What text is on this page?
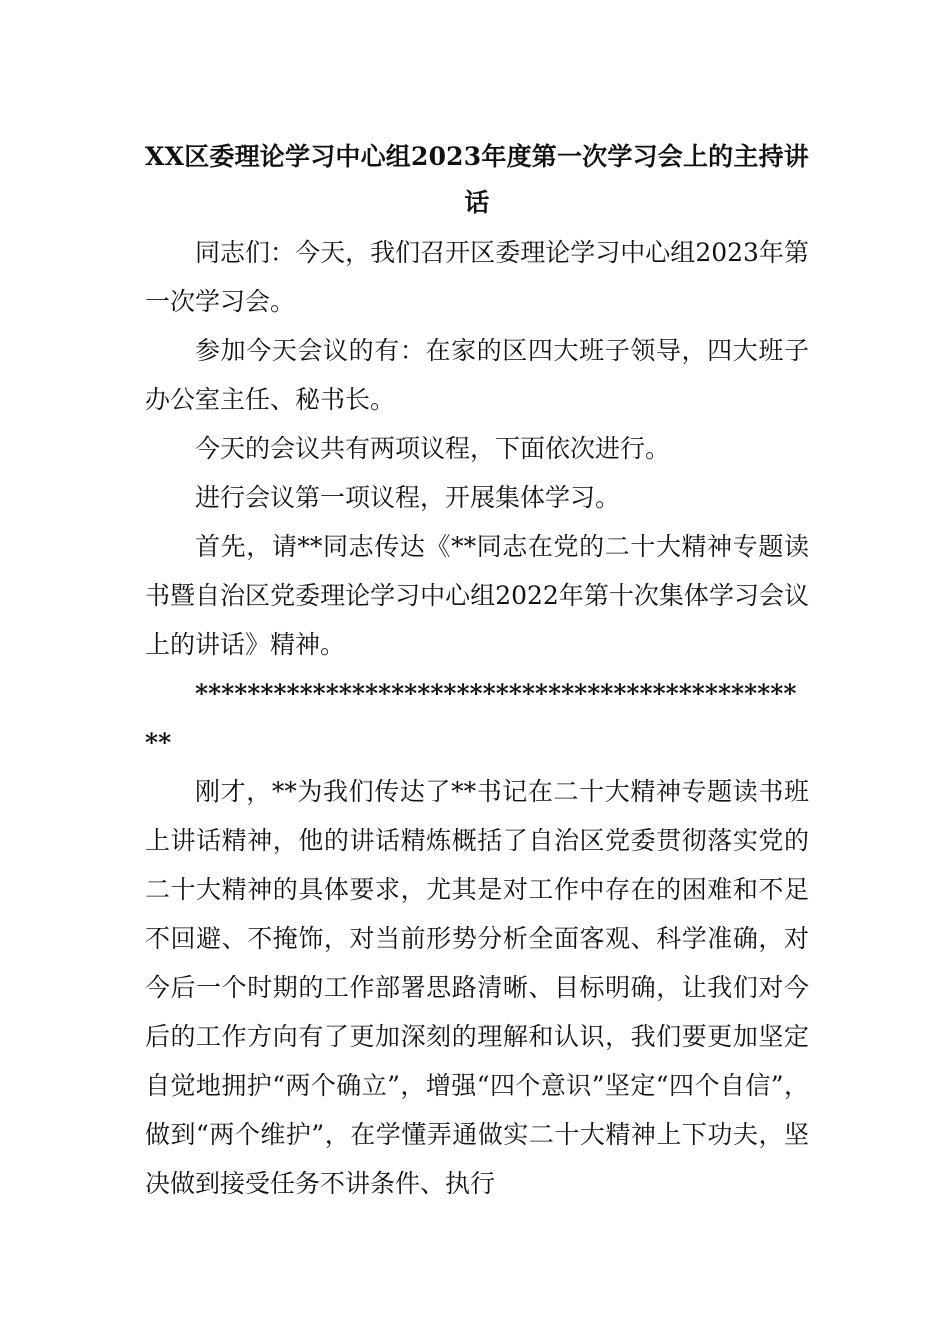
XX区委理论学习中心组2023年度第一次学习会上的主持讲话

同志们：今天，我们召开区委理论学习中心组2023年第一次学习会。

参加今天会议的有：在家的区四大班子领导，四大班子办公室主任、秘书长。

今天的会议共有两项议程，下面依次进行。

进行会议第一项议程，开展集体学习。

首先，请**同志传达《**同志在党的二十大精神专题读书暨自治区党委理论学习中心组2022年第十次集体学习会议上的讲话》精神。

************************************************

刚才，**为我们传达了**书记在二十大精神专题读书班上讲话精神，他的讲话精炼概括了自治区党委贯彻落实党的二十大精神的具体要求，尤其是对工作中存在的困难和不足不回避、不掩饰，对当前形势分析全面客观、科学准确，对今后一个时期的工作部署思路清晰、目标明确，让我们对今后的工作方向有了更加深刻的理解和认识，我们要更加坚定自觉地拥护“两个确立”，增强“四个意识”坚定“四个自信”，做到“两个维护”，在学懂弄通做实二十大精神上下功夫，坚决做到接受任务不讲条件、执行
